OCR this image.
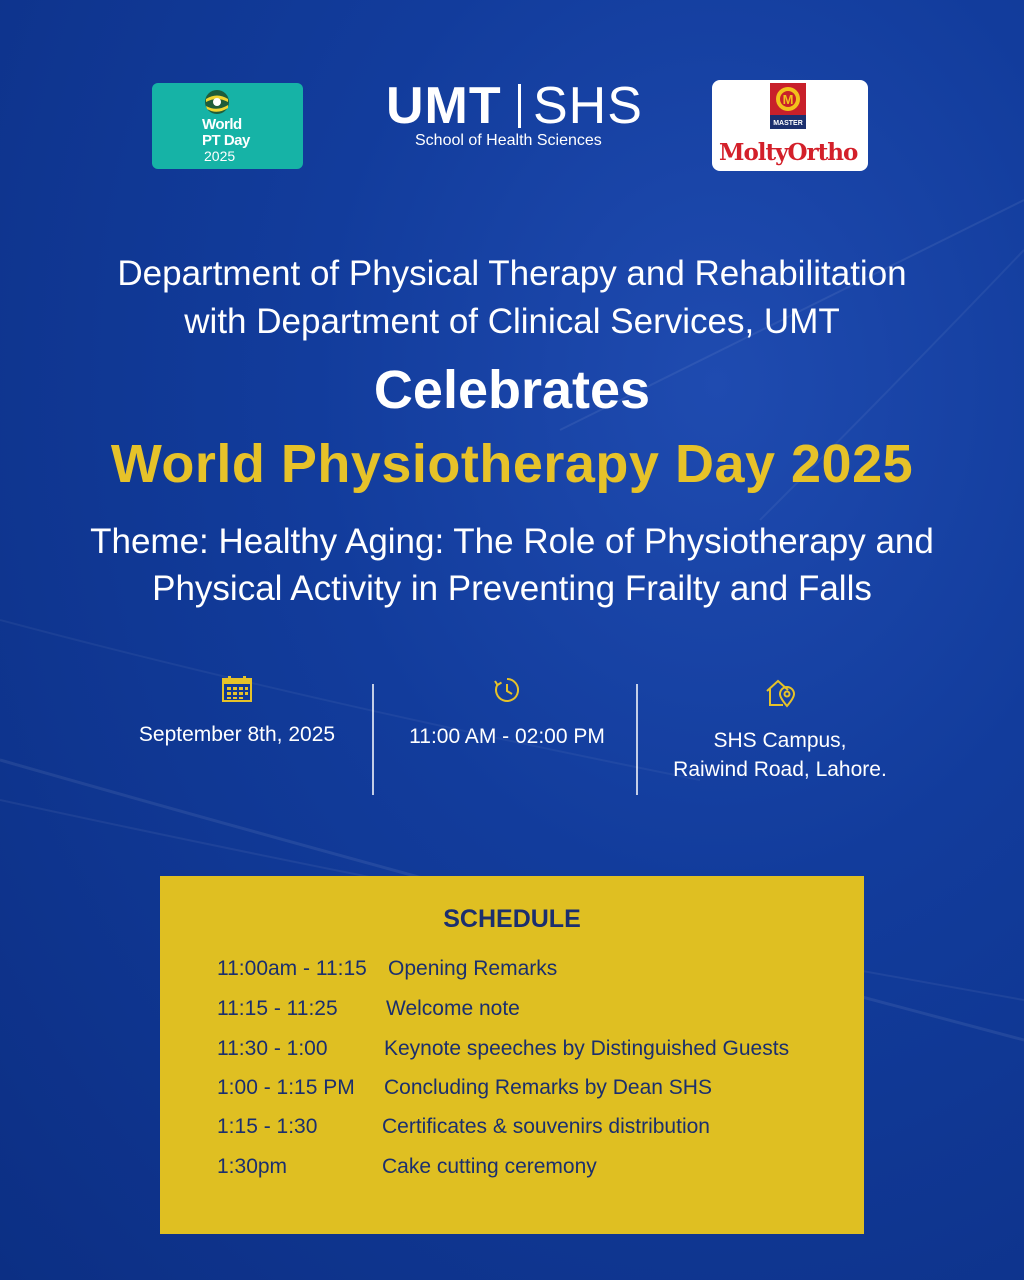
World
PT Day
2025
UMT SHS
School of Health Sciences
M
MASTER
MoltyOrtho
Department of Physical Therapy and Rehabilitation
with Department of Clinical Services, UMT
Celebrates
World Physiotherapy Day 2025
Theme: Healthy Aging: The Role of Physiotherapy and
Physical Activity in Preventing Frailty and Falls
September 8th, 2025	11:00 AM - 02:00 PM	SHS Campus,
Raiwind Road, Lahore.
SCHEDULE
11:00am - 11:15 Opening Remarks
11:15 - 11:25 Welcome note
11:30 - 1:00	Keynote speeches by Distinguished Guests
1:00 - 1:15 PM Concluding Remarks by Dean SHS
1:15 - 1:30	Certificates & souvenirs distribution
1:30pm	Cake cutting ceremony
